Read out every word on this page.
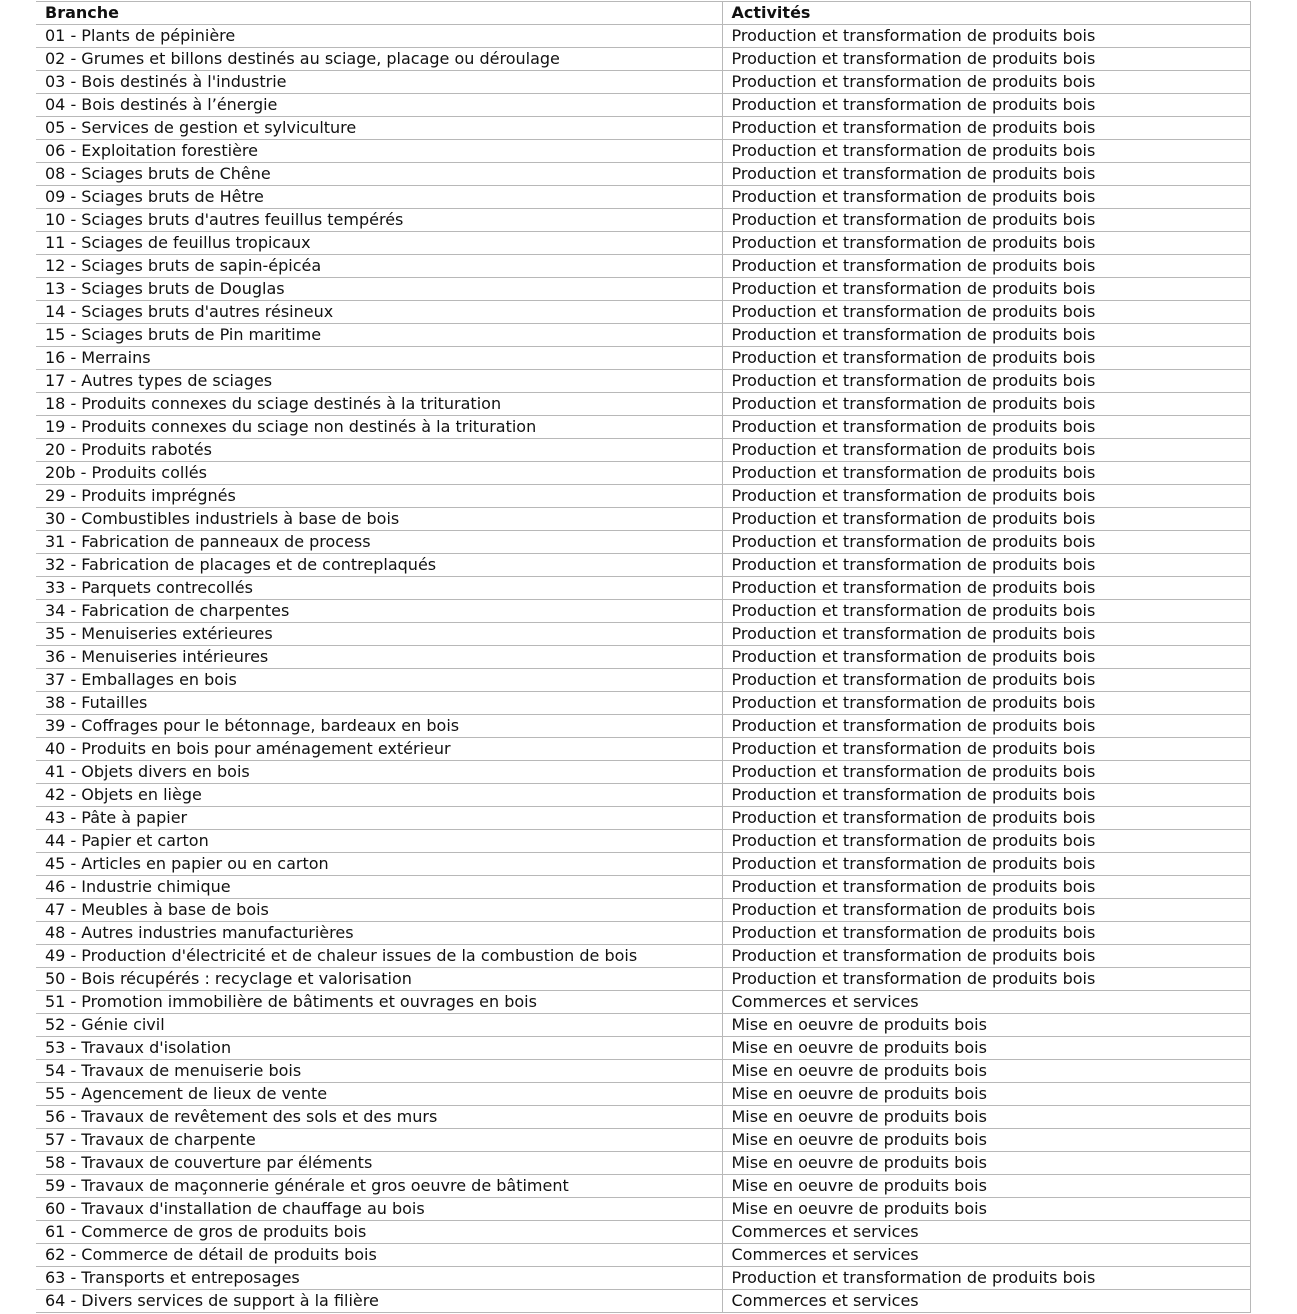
Branche	Activités
01 - Plants de pépinière	Production et transformation de produits bois
02 - Grumes et billons destinés au sciage, placage ou déroulage	Production et transformation de produits bois
03 - Bois destinés à l'industrie	Production et transformation de produits bois
04 - Bois destinés à l’énergie	Production et transformation de produits bois
05 - Services de gestion et sylviculture	Production et transformation de produits bois
06 - Exploitation forestière	Production et transformation de produits bois
08 - Sciages bruts de Chêne	Production et transformation de produits bois
09 - Sciages bruts de Hêtre	Production et transformation de produits bois
10 - Sciages bruts d'autres feuillus tempérés	Production et transformation de produits bois
11 - Sciages de feuillus tropicaux	Production et transformation de produits bois
12 - Sciages bruts de sapin-épicéa	Production et transformation de produits bois
13 - Sciages bruts de Douglas	Production et transformation de produits bois
14 - Sciages bruts d'autres résineux	Production et transformation de produits bois
15 - Sciages bruts de Pin maritime	Production et transformation de produits bois
16 - Merrains	Production et transformation de produits bois
17 - Autres types de sciages	Production et transformation de produits bois
18 - Produits connexes du sciage destinés à la trituration	Production et transformation de produits bois
19 - Produits connexes du sciage non destinés à la trituration	Production et transformation de produits bois
20 - Produits rabotés	Production et transformation de produits bois
20b - Produits collés	Production et transformation de produits bois
29 - Produits imprégnés	Production et transformation de produits bois
30 - Combustibles industriels à base de bois	Production et transformation de produits bois
31 - Fabrication de panneaux de process	Production et transformation de produits bois
32 - Fabrication de placages et de contreplaqués	Production et transformation de produits bois
33 - Parquets contrecollés	Production et transformation de produits bois
34 - Fabrication de charpentes	Production et transformation de produits bois
35 - Menuiseries extérieures	Production et transformation de produits bois
36 - Menuiseries intérieures	Production et transformation de produits bois
37 - Emballages en bois	Production et transformation de produits bois
38 - Futailles	Production et transformation de produits bois
39 - Coffrages pour le bétonnage, bardeaux en bois	Production et transformation de produits bois
40 - Produits en bois pour aménagement extérieur	Production et transformation de produits bois
41 - Objets divers en bois	Production et transformation de produits bois
42 - Objets en liège	Production et transformation de produits bois
43 - Pâte à papier	Production et transformation de produits bois
44 - Papier et carton	Production et transformation de produits bois
45 - Articles en papier ou en carton	Production et transformation de produits bois
46 - Industrie chimique	Production et transformation de produits bois
47 - Meubles à base de bois	Production et transformation de produits bois
48 - Autres industries manufacturières	Production et transformation de produits bois
49 - Production d'électricité et de chaleur issues de la combustion de bois	Production et transformation de produits bois
50 - Bois récupérés : recyclage et valorisation	Production et transformation de produits bois
51 - Promotion immobilière de bâtiments et ouvrages en bois	Commerces et services
52 - Génie civil	Mise en oeuvre de produits bois
53 - Travaux d'isolation	Mise en oeuvre de produits bois
54 - Travaux de menuiserie bois	Mise en oeuvre de produits bois
55 - Agencement de lieux de vente	Mise en oeuvre de produits bois
56 - Travaux de revêtement des sols et des murs	Mise en oeuvre de produits bois
57 - Travaux de charpente	Mise en oeuvre de produits bois
58 - Travaux de couverture par éléments	Mise en oeuvre de produits bois
59 - Travaux de maçonnerie générale et gros oeuvre de bâtiment	Mise en oeuvre de produits bois
60 - Travaux d'installation de chauffage au bois	Mise en oeuvre de produits bois
61 - Commerce de gros de produits bois	Commerces et services
62 - Commerce de détail de produits bois	Commerces et services
63 - Transports et entreposages	Production et transformation de produits bois
64 - Divers services de support à la filière	Commerces et services
